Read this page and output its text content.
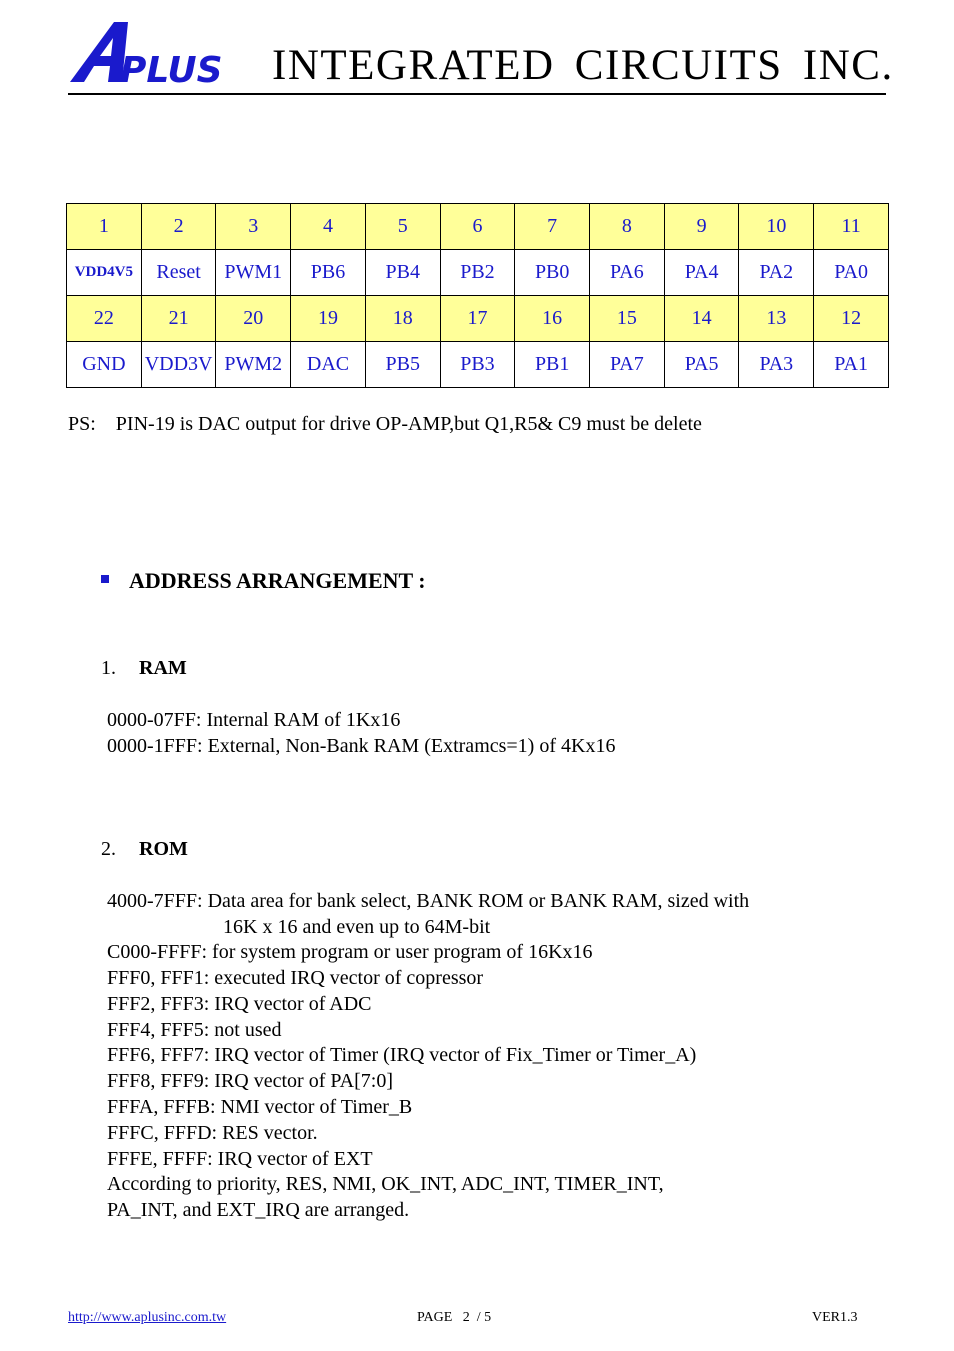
PLUS INTEGRATED CIRCUITS INC.
1	2	3	4	5	6	7	8	9	10	11
VDD4V5	Reset	PWM1	PB6	PB4	PB2	PB0	PA6	PA4	PA2	PA0
22	21	20	19	18	17	16	15	14	13	12
GND	VDD3V	PWM2	DAC	PB5	PB3	PB1	PA7	PA5	PA3	PA1
PS:    PIN-19 is DAC output for drive OP-AMP,but Q1,R5& C9 must be delete
ADDRESS ARRANGEMENT :
1. RAM
0000-07FF: Internal RAM of 1Kx16
0000-1FFF: External, Non-Bank RAM (Extramcs=1) of 4Kx16
2. ROM
4000-7FFF: Data area for bank select, BANK ROM or BANK RAM, sized with
16K x 16 and even up to 64M-bit
C000-FFFF: for system program or user program of 16Kx16
FFF0, FFF1: executed IRQ vector of copressor
FFF2, FFF3: IRQ vector of ADC
FFF4, FFF5: not used
FFF6, FFF7: IRQ vector of Timer (IRQ vector of Fix_Timer or Timer_A)
FFF8, FFF9: IRQ vector of PA[7:0]
FFFA, FFFB: NMI vector of Timer_B
FFFC, FFFD: RES vector.
FFFE, FFFF: IRQ vector of EXT
According to priority, RES, NMI, OK_INT, ADC_INT, TIMER_INT,
PA_INT, and EXT_IRQ are arranged.
http://www.aplusinc.com.tw	PAGE   2  / 5	VER1.3
